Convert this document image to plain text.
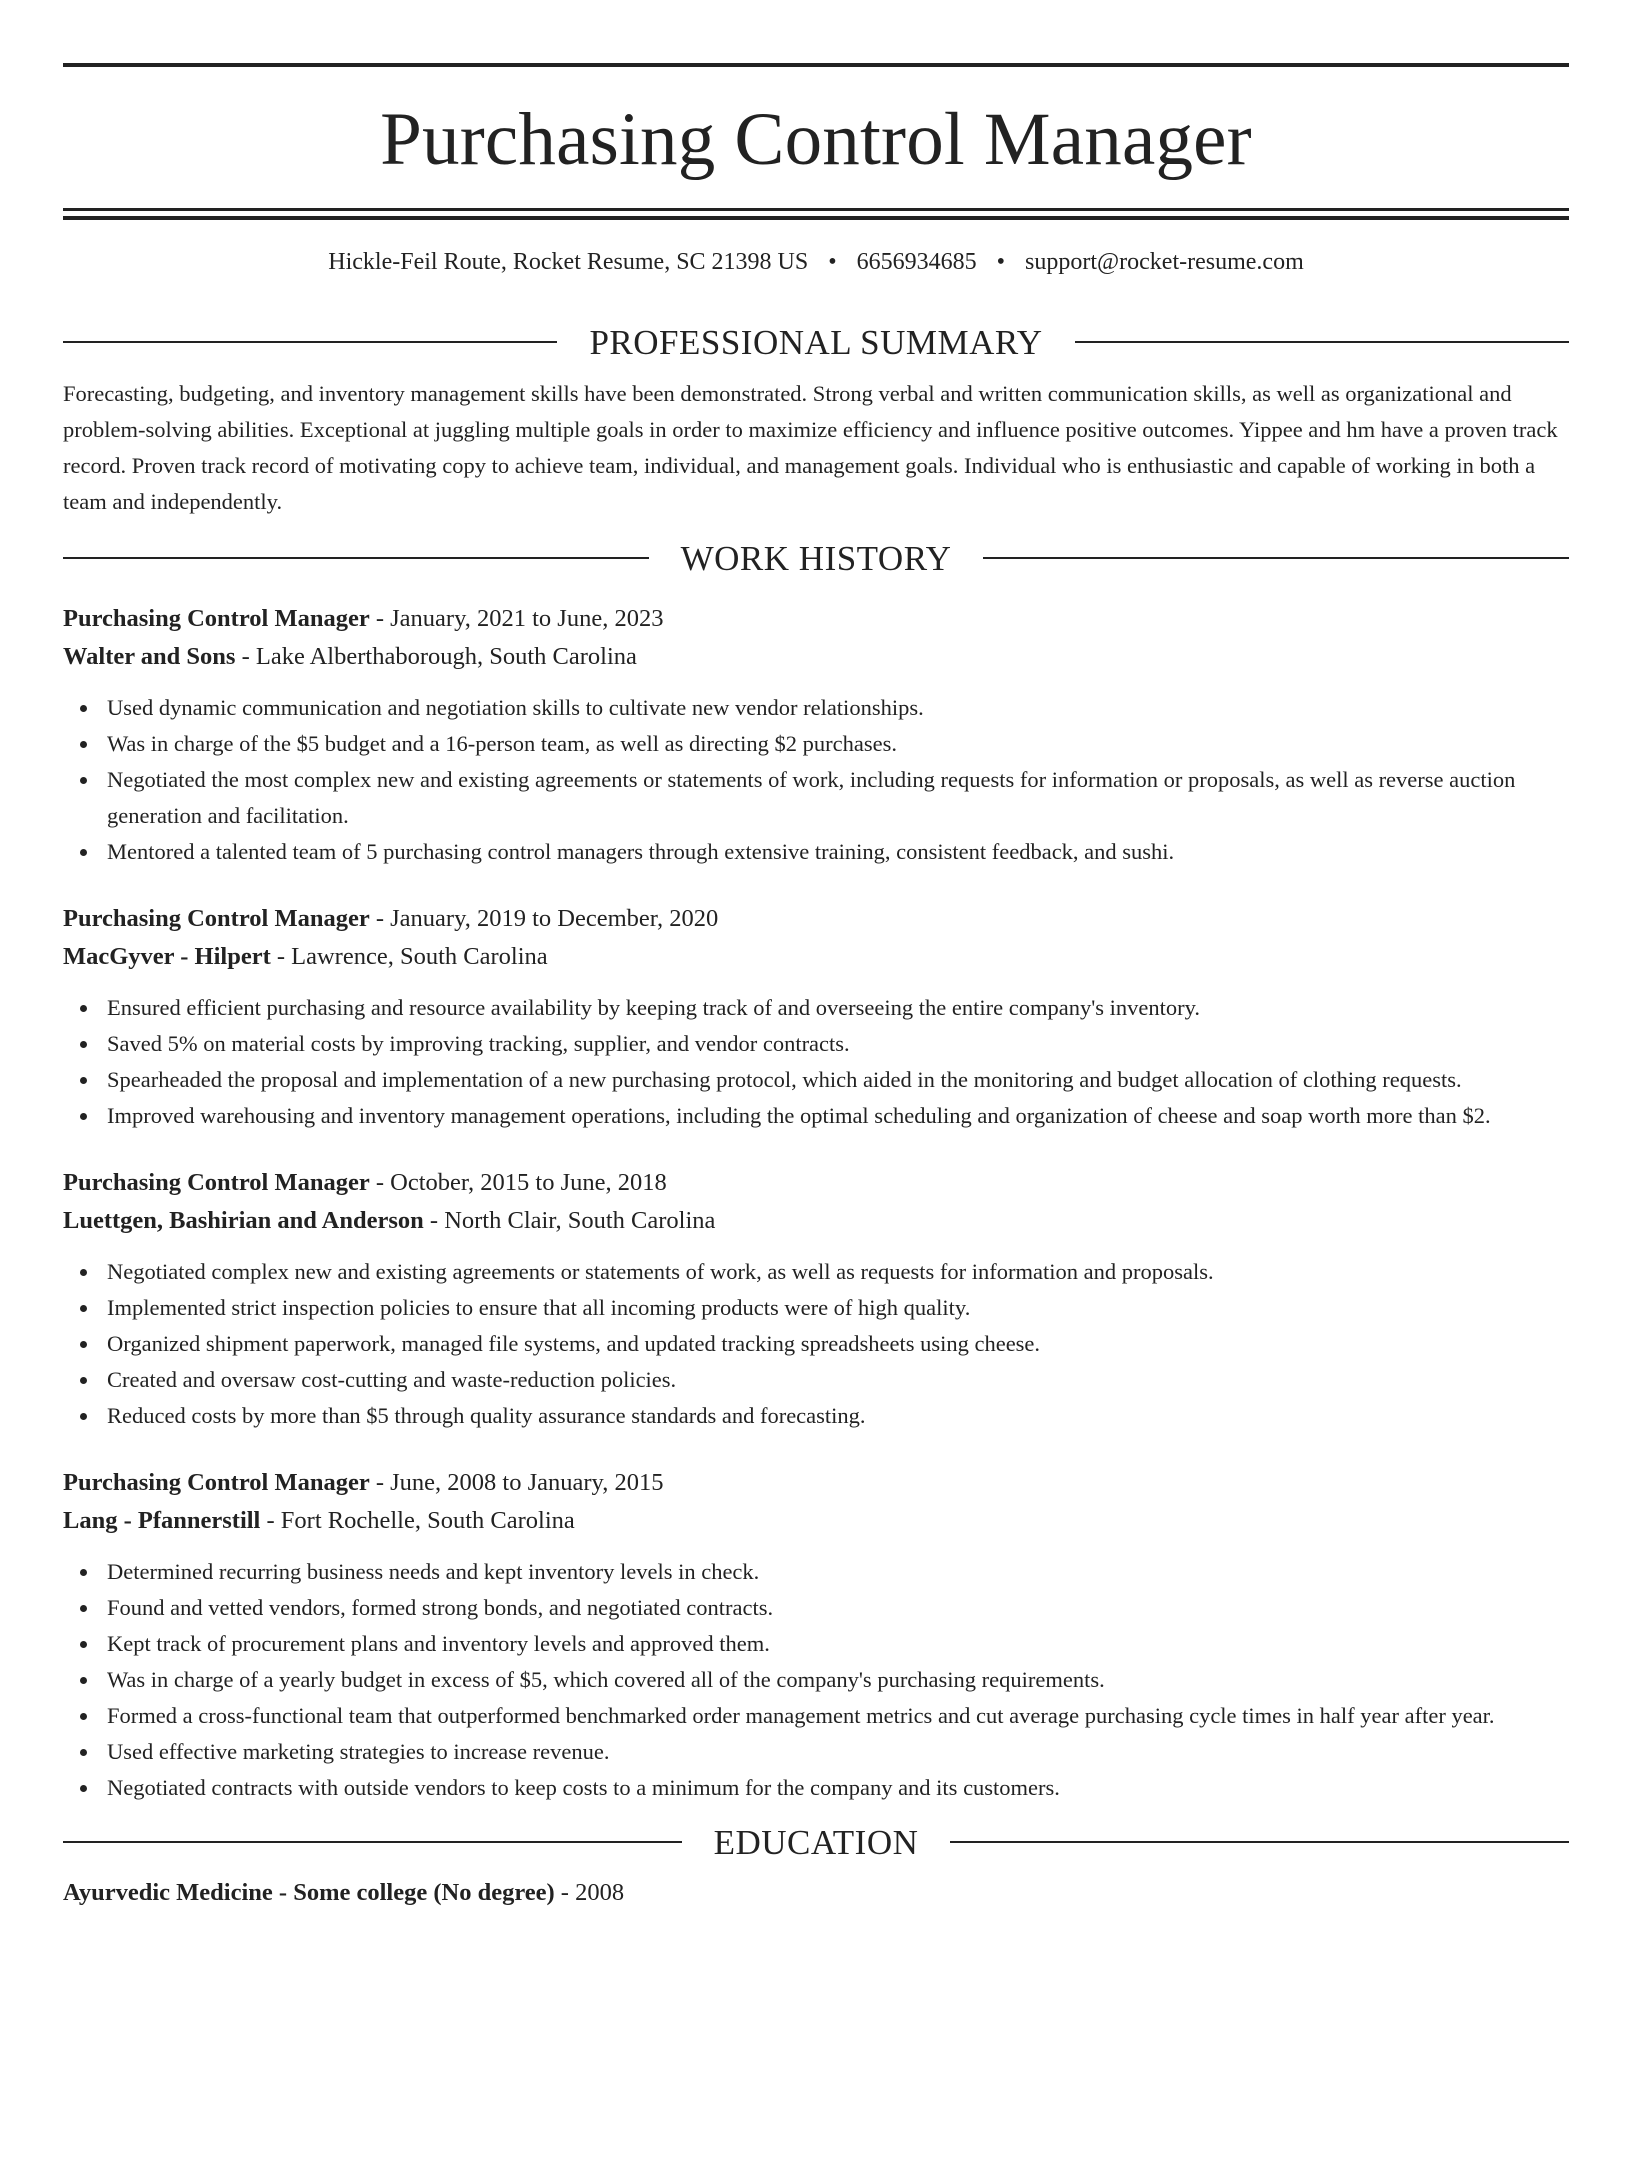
Purchasing Control Manager
Hickle-Feil Route, Rocket Resume, SC 21398 US • 6656934685 • support@rocket-resume.com
PROFESSIONAL SUMMARY
Forecasting, budgeting, and inventory management skills have been demonstrated. Strong verbal and written communication skills, as well as organizational and problem-solving abilities. Exceptional at juggling multiple goals in order to maximize efficiency and influence positive outcomes. Yippee and hm have a proven track record. Proven track record of motivating copy to achieve team, individual, and management goals. Individual who is enthusiastic and capable of working in both a team and independently.
WORK HISTORY
Purchasing Control Manager - January, 2021 to June, 2023
Walter and Sons - Lake Alberthaborough, South Carolina
Used dynamic communication and negotiation skills to cultivate new vendor relationships.
Was in charge of the $5 budget and a 16-person team, as well as directing $2 purchases.
Negotiated the most complex new and existing agreements or statements of work, including requests for information or proposals, as well as reverse auction generation and facilitation.
Mentored a talented team of 5 purchasing control managers through extensive training, consistent feedback, and sushi.
Purchasing Control Manager - January, 2019 to December, 2020
MacGyver - Hilpert - Lawrence, South Carolina
Ensured efficient purchasing and resource availability by keeping track of and overseeing the entire company's inventory.
Saved 5% on material costs by improving tracking, supplier, and vendor contracts.
Spearheaded the proposal and implementation of a new purchasing protocol, which aided in the monitoring and budget allocation of clothing requests.
Improved warehousing and inventory management operations, including the optimal scheduling and organization of cheese and soap worth more than $2.
Purchasing Control Manager - October, 2015 to June, 2018
Luettgen, Bashirian and Anderson - North Clair, South Carolina
Negotiated complex new and existing agreements or statements of work, as well as requests for information and proposals.
Implemented strict inspection policies to ensure that all incoming products were of high quality.
Organized shipment paperwork, managed file systems, and updated tracking spreadsheets using cheese.
Created and oversaw cost-cutting and waste-reduction policies.
Reduced costs by more than $5 through quality assurance standards and forecasting.
Purchasing Control Manager - June, 2008 to January, 2015
Lang - Pfannerstill - Fort Rochelle, South Carolina
Determined recurring business needs and kept inventory levels in check.
Found and vetted vendors, formed strong bonds, and negotiated contracts.
Kept track of procurement plans and inventory levels and approved them.
Was in charge of a yearly budget in excess of $5, which covered all of the company's purchasing requirements.
Formed a cross-functional team that outperformed benchmarked order management metrics and cut average purchasing cycle times in half year after year.
Used effective marketing strategies to increase revenue.
Negotiated contracts with outside vendors to keep costs to a minimum for the company and its customers.
EDUCATION
Ayurvedic Medicine - Some college (No degree) - 2008
